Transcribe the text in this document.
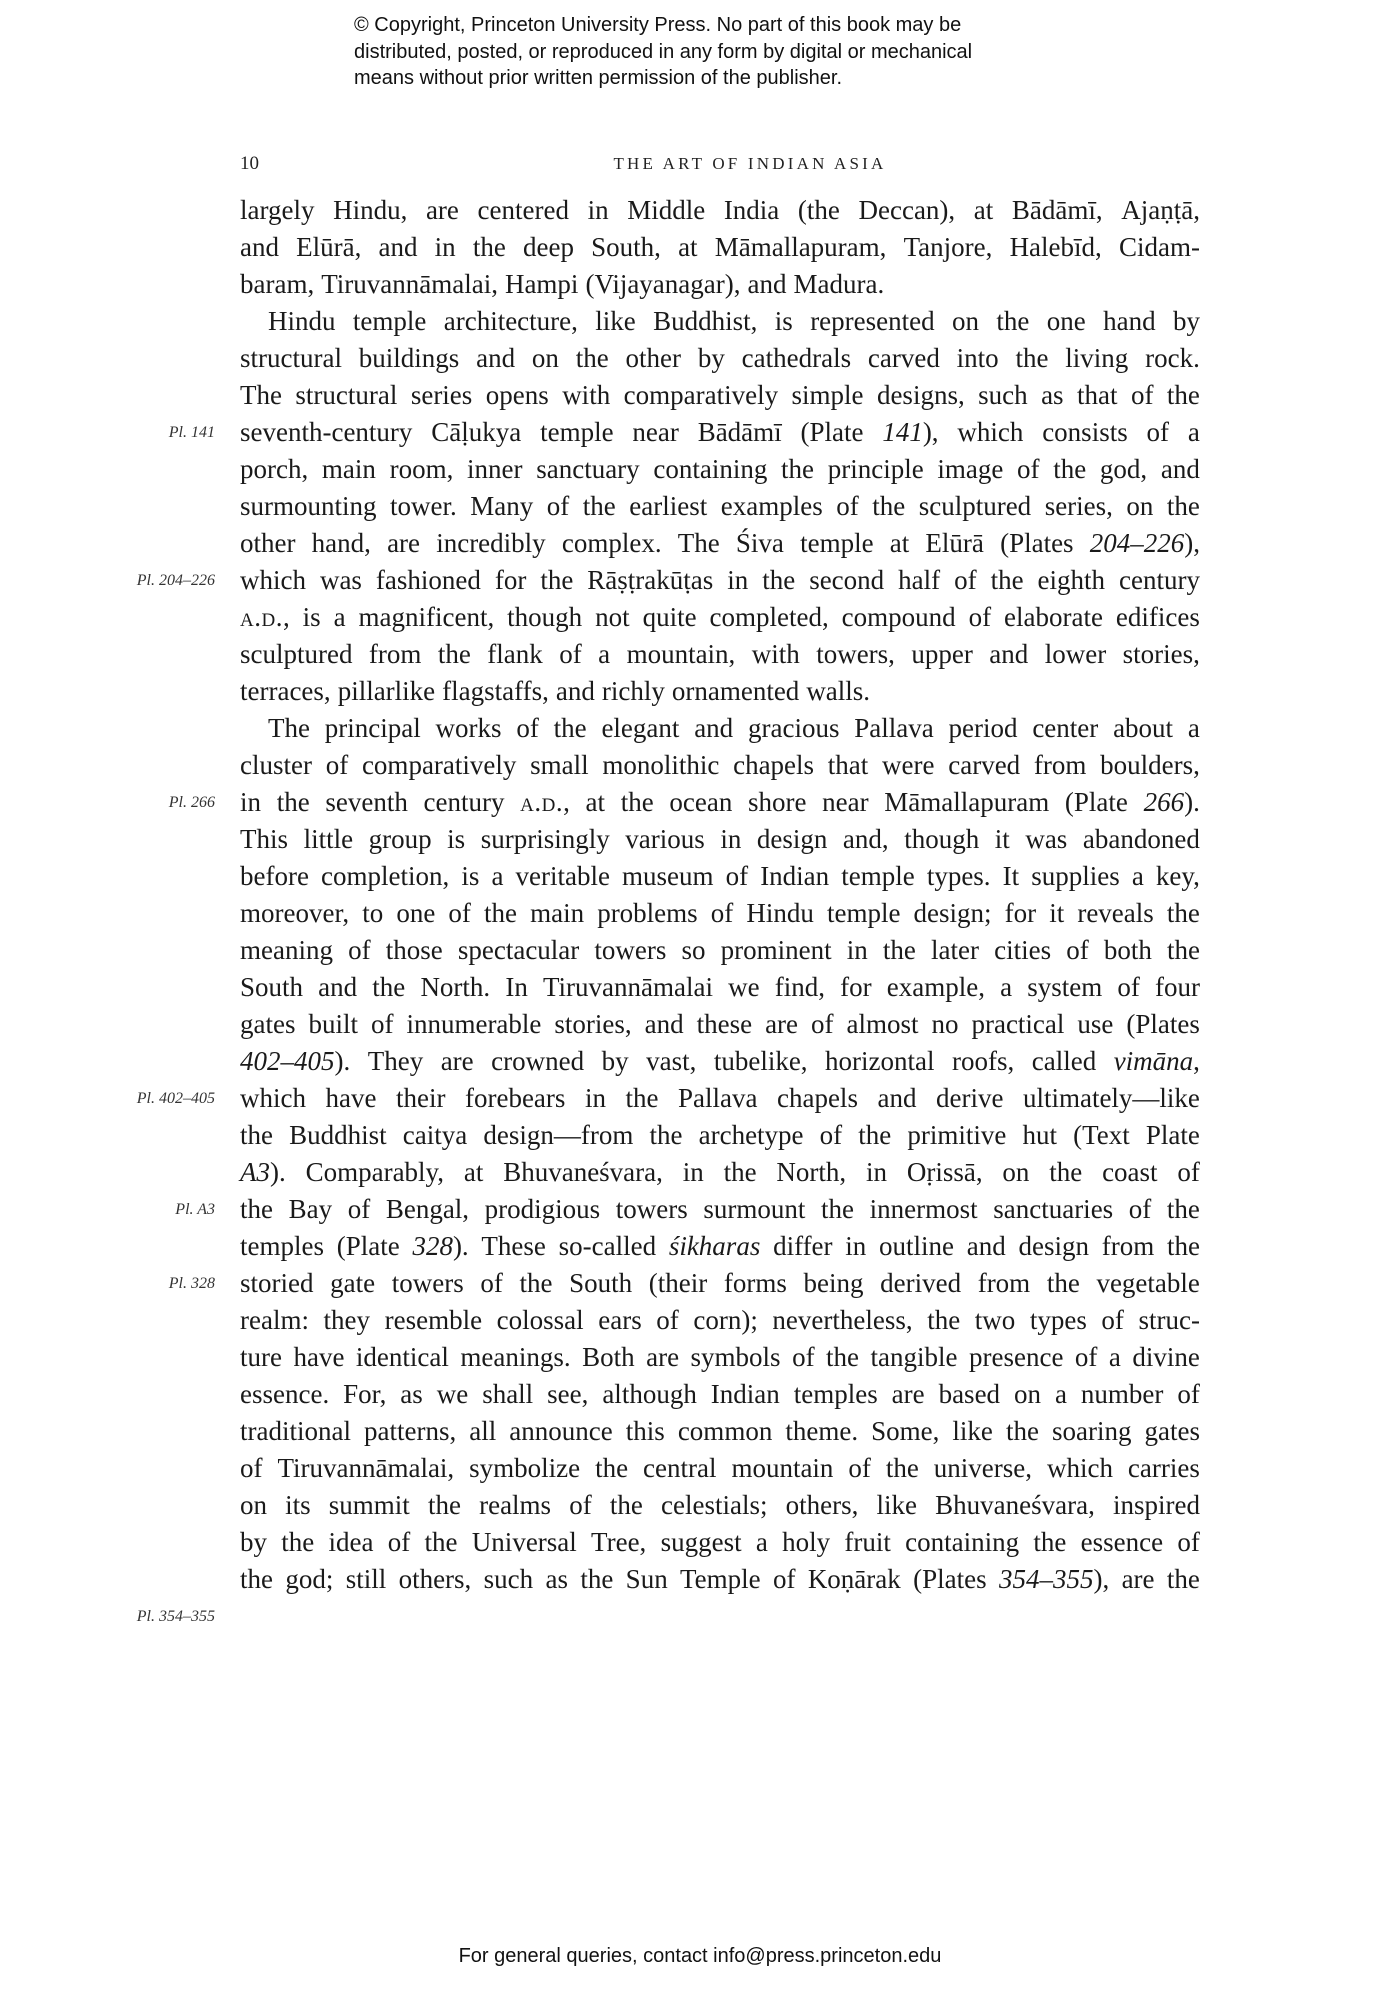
© Copyright, Princeton University Press. No part of this book may be
distributed, posted, or reproduced in any form by digital or mechanical
means without prior written permission of the publisher.
10	THE ART OF INDIAN ASIA
Pl. 141
Pl. 204–226
Pl. 266
Pl. 402–405
Pl. A3
Pl. 328
Pl. 354–355
largely Hindu, are centered in Middle India (the Deccan), at Bādāmī, Ajaṇṭā,
and Elūrā, and in the deep South, at Māmallapuram, Tanjore, Halebīd, Cidam-
baram, Tiruvannāmalai, Hampi (Vijayanagar), and Madura.
Hindu temple architecture, like Buddhist, is represented on the one hand by
structural buildings and on the other by cathedrals carved into the living rock.
The structural series opens with comparatively simple designs, such as that of the
seventh-century Cāḷukya temple near Bādāmī (Plate 141), which consists of a
porch, main room, inner sanctuary containing the principle image of the god, and
surmounting tower. Many of the earliest examples of the sculptured series, on the
other hand, are incredibly complex. The Śiva temple at Elūrā (Plates 204–226),
which was fashioned for the Rāṣṭrakūṭas in the second half of the eighth century
a.d., is a magnificent, though not quite completed, compound of elaborate edifices
sculptured from the flank of a mountain, with towers, upper and lower stories,
terraces, pillarlike flagstaffs, and richly ornamented walls.
The principal works of the elegant and gracious Pallava period center about a
cluster of comparatively small monolithic chapels that were carved from boulders,
in the seventh century a.d., at the ocean shore near Māmallapuram (Plate 266).
This little group is surprisingly various in design and, though it was abandoned
before completion, is a veritable museum of Indian temple types. It supplies a key,
moreover, to one of the main problems of Hindu temple design; for it reveals the
meaning of those spectacular towers so prominent in the later cities of both the
South and the North. In Tiruvannāmalai we find, for example, a system of four
gates built of innumerable stories, and these are of almost no practical use (Plates
402–405). They are crowned by vast, tubelike, horizontal roofs, called vimāna,
which have their forebears in the Pallava chapels and derive ultimately—like
the Buddhist caitya design—from the archetype of the primitive hut (Text Plate
A3). Comparably, at Bhuvaneśvara, in the North, in Oṛissā, on the coast of
the Bay of Bengal, prodigious towers surmount the innermost sanctuaries of the
temples (Plate 328). These so-called śikharas differ in outline and design from the
storied gate towers of the South (their forms being derived from the vegetable
realm: they resemble colossal ears of corn); nevertheless, the two types of struc-
ture have identical meanings. Both are symbols of the tangible presence of a divine
essence. For, as we shall see, although Indian temples are based on a number of
traditional patterns, all announce this common theme. Some, like the soaring gates
of Tiruvannāmalai, symbolize the central mountain of the universe, which carries
on its summit the realms of the celestials; others, like Bhuvaneśvara, inspired
by the idea of the Universal Tree, suggest a holy fruit containing the essence of
the god; still others, such as the Sun Temple of Koṇārak (Plates 354–355), are the
For general queries, contact info@press.princeton.edu
